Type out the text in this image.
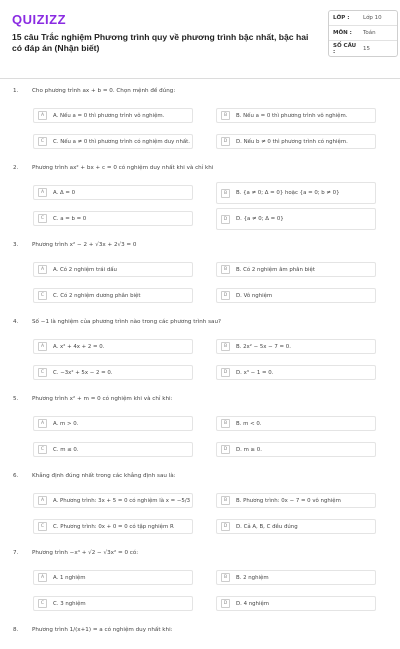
QUIZIZZ
15 câu Trắc nghiệm Phương trình quy về phương trình bậc nhất, bậc hai có đáp án (Nhận biết)
LỚP :	Lớp 10
MÔN :	Toán
SỐ CÂU :	15
1. Cho phương trình ax + b = 0. Chọn mệnh đề đúng:
A	A. Nếu a = 0 thì phương trình vô nghiệm.	B	B. Nếu a = 0 thì phương trình vô nghiệm.
C	C. Nếu a ≠ 0 thì phương trình có nghiệm duy nhất.	D	D. Nếu b ≠ 0 thì phương trình có nghiệm.
2. Phương trình ax² + bx + c = 0 có nghiệm duy nhất khi và chỉ khi
A	A. Δ = 0	B	B. {a ≠ 0; Δ = 0} hoặc {a = 0; b ≠ 0}
C	C. a = b = 0	D	D. {a ≠ 0; Δ = 0}
3. Phương trình x² − 2 + √3x + 2√3 = 0
A	A. Có 2 nghiệm trái dấu	B	B. Có 2 nghiệm âm phân biệt
C	C. Có 2 nghiệm dương phân biệt	D	D. Vô nghiệm
4. Số −1 là nghiệm của phương trình nào trong các phương trình sau?
A	A. x² + 4x + 2 = 0.	B	B. 2x² − 5x − 7 = 0.
C	C. −3x² + 5x − 2 = 0.	D	D. x³ − 1 = 0.
5. Phương trình x² + m = 0 có nghiệm khi và chỉ khi:
A	A. m > 0.	B	B. m < 0.
C	C. m ≤ 0.	D	D. m ≥ 0.
6. Khẳng định đúng nhất trong các khẳng định sau là:
A	A. Phương trình: 3x + 5 = 0 có nghiệm là x = −5/3	B	B. Phương trình: 0x − 7 = 0 vô nghiệm
C	C. Phương trình: 0x + 0 = 0 có tập nghiệm R	D	D. Cả A, B, C đều đúng
7. Phương trình −x⁴ + √2 − √3x² = 0 có:
A	A. 1 nghiệm	B	B. 2 nghiệm
C	C. 3 nghiệm	D	D. 4 nghiệm
8. Phương trình 1/(x+1) = a có nghiệm duy nhất khi:
